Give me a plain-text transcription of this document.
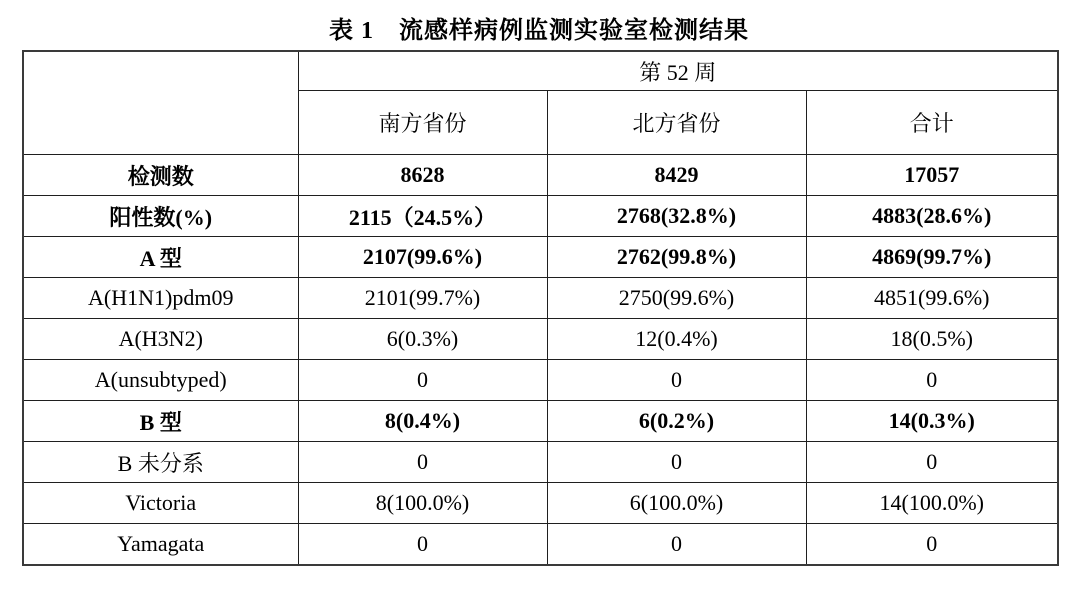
表 1　流感样病例监测实验室检测结果
	第 52 周		
	南方省份	北方省份	合计
检测数	8628	8429	17057
阳性数(%)	2115（24.5%）	2768(32.8%)	4883(28.6%)
A 型	2107(99.6%)	2762(99.8%)	4869(99.7%)
A(H1N1)pdm09	2101(99.7%)	2750(99.6%)	4851(99.6%)
A(H3N2)	6(0.3%)	12(0.4%)	18(0.5%)
A(unsubtyped)	0	0	0
B 型	8(0.4%)	6(0.2%)	14(0.3%)
B 未分系	0	0	0
Victoria	8(100.0%)	6(100.0%)	14(100.0%)
Yamagata	0	0	0
